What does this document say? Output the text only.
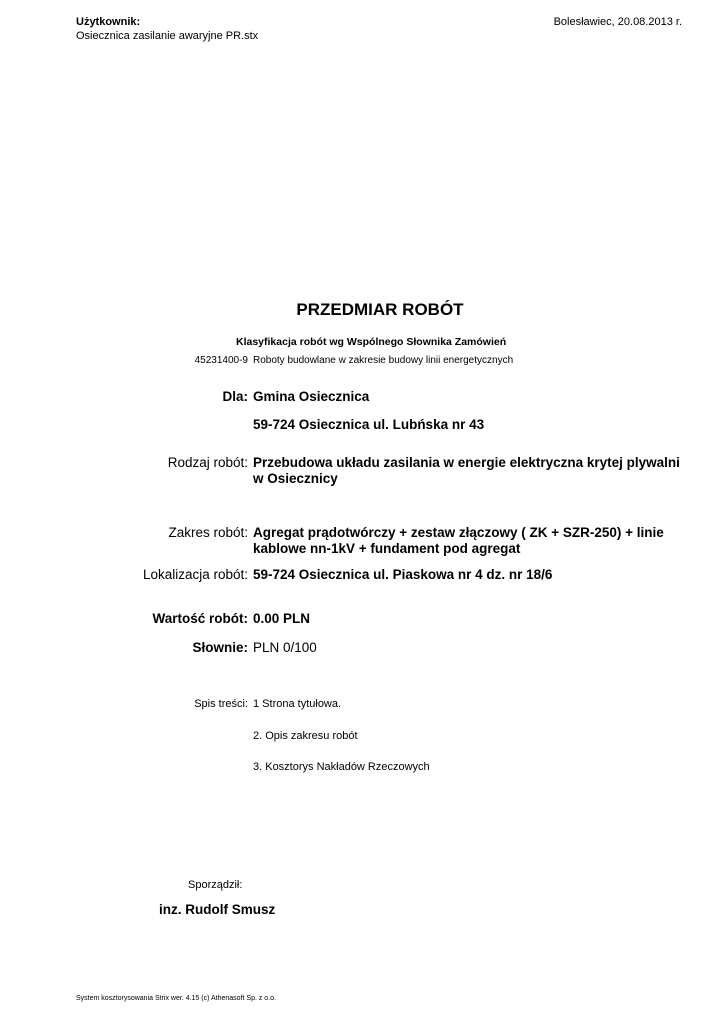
Użytkownik:
Osiecznica zasilanie awaryjne PR.stx
Bolesławiec, 20.08.2013 r.
PRZEDMIAR ROBÓT
Klasyfikacja robót wg Wspólnego Słownika Zamówień
45231400-9 Roboty budowlane w zakresie budowy linii energetycznych
Dla: Gmina Osiecznica
59-724 Osiecznica ul. Lubńska nr 43
Rodzaj robót: Przebudowa układu zasilania w energie elektryczna krytej plywalni w Osiecznicy
Zakres robót: Agregat prądotwórczy + zestaw złączowy ( ZK + SZR-250) + linie kablowe nn-1kV + fundament pod agregat
Lokalizacja robót: 59-724 Osiecznica ul. Piaskowa nr 4 dz. nr 18/6
Wartość robót: 0.00 PLN
Słownie: PLN 0/100
Spis treści: 1 Strona tytułowa.
2. Opis zakresu robót
3. Kosztorys Nakładów Rzeczowych
Sporządził:
inz. Rudolf Smusz
System kosztorysowania Strix wer. 4.15 (c) Athenasoft Sp. z o.o.
